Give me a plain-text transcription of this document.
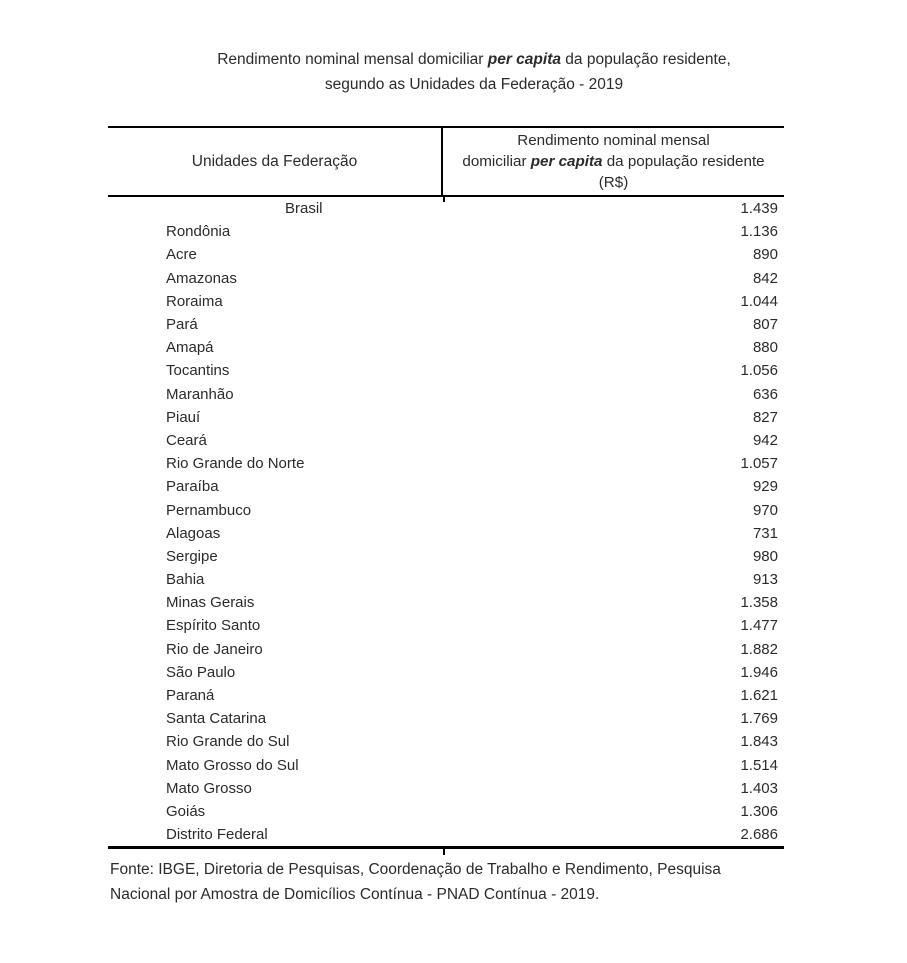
Rendimento nominal mensal domiciliar per capita da população residente,
segundo as Unidades da Federação - 2019
Unidades da Federação
Rendimento nominal mensal
domiciliar per capita da população residente
(R$)
Brasil	1.439
Rondônia	1.136
Acre	890
Amazonas	842
Roraima	1.044
Pará	807
Amapá	880
Tocantins	1.056
Maranhão	636
Piauí	827
Ceará	942
Rio Grande do Norte	1.057
Paraíba	929
Pernambuco	970
Alagoas	731
Sergipe	980
Bahia	913
Minas Gerais	1.358
Espírito Santo	1.477
Rio de Janeiro	1.882
São Paulo	1.946
Paraná	1.621
Santa Catarina	1.769
Rio Grande do Sul	1.843
Mato Grosso do Sul	1.514
Mato Grosso	1.403
Goiás	1.306
Distrito Federal	2.686
Fonte: IBGE, Diretoria de Pesquisas, Coordenação de Trabalho e Rendimento, Pesquisa
Nacional por Amostra de Domicílios Contínua - PNAD Contínua - 2019.
